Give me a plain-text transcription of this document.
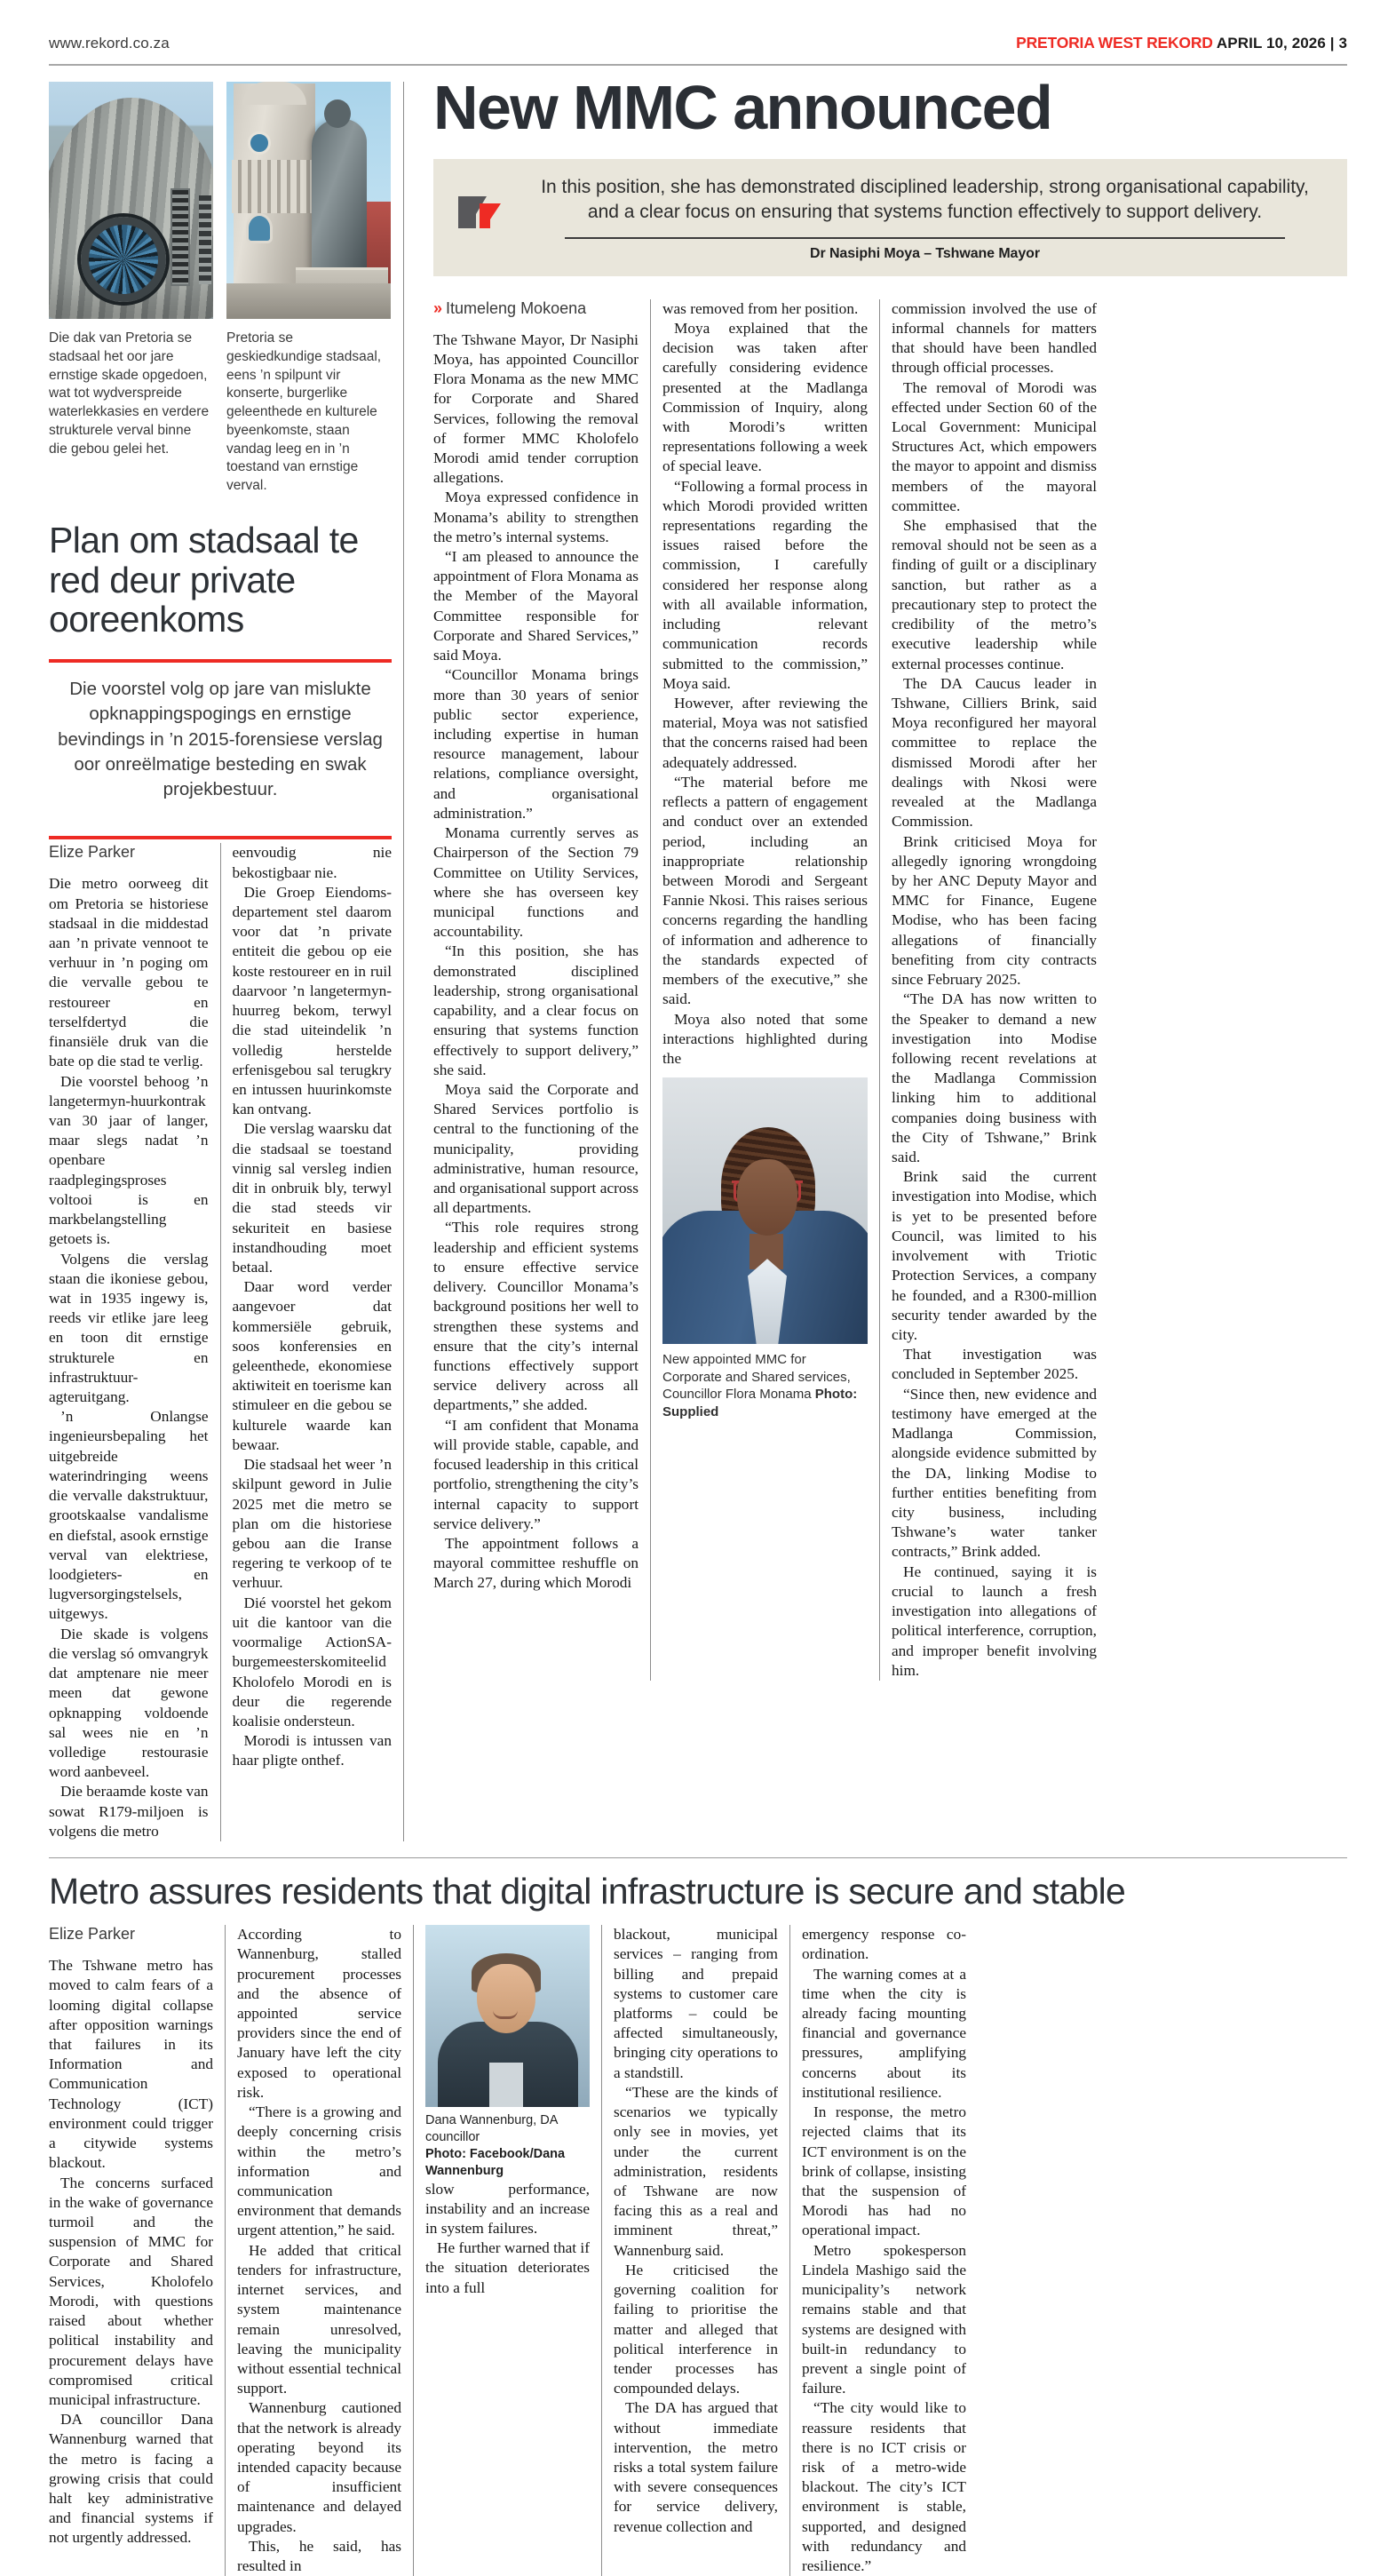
www.rekord.co.za	PRETORIA WEST REKORD APRIL 10, 2026 | 3
Die dak van Pretoria se stadsaal het oor jare ernstige skade opgedoen, wat tot wydverspreide waterlekkasies en verdere strukturele verval binne die gebou gelei het.
Pretoria se geskiedkundige stadsaal, eens ’n spilpunt vir konserte, burgerlike geleenthede en kulturele byeenkomste, staan vandag leeg en in ’n toestand van ernstige verval.
Plan om stadsaal te red deur private ooreenkoms
Die voorstel volg op jare van mislukte opknappingspogings en ernstige bevindings in ’n 2015-forensiese verslag oor onreëlmatige besteding en swak projekbestuur.
Elize Parker

Die metro oorweeg dit om Pretoria se historiese stadsaal in die middestad aan ’n private vennoot te verhuur in ’n poging om die vervalle gebou te restoureer en terselfdertyd die finansiële druk van die bate op die stad te verlig.

Die voorstel behoog ’n langetermyn-huurkontrak van 30 jaar of langer, maar slegs nadat ’n openbare raadplegingsproses voltooi is en markbelangstelling getoets is.

Volgens die verslag staan die ikoniese gebou, wat in 1935 ingewy is, reeds vir etlike jare leeg en toon dit ernstige strukturele en infrastruktuur-agteruitgang.

’n Onlangse ingenieursbepaling het uitgebreide waterindringing weens die vervalle dakstruktuur, grootskaalse vandalisme en diefstal, asook ernstige verval van elektriese, loodgieters- en lugversorgingstelsels, uitgewys.

Die skade is volgens die verslag só omvangryk dat amptenare nie meer meen dat gewone opknapping voldoende sal wees nie en ’n volledige restourasie word aanbeveel.

Die beraamde koste van sowat R179-miljoen is volgens die metro

eenvoudig nie bekostigbaar nie.

Die Groep Eiendoms-departement stel daarom voor dat ’n private entiteit die gebou op eie koste restoureer en in ruil daarvoor ’n langetermyn-huurreg bekom, terwyl die stad uiteindelik ’n volledig herstelde erfenisgebou sal terugkry en intussen huurinkomste kan ontvang.

Die verslag waarsku dat die stadsaal se toestand vinnig sal versleg indien dit in onbruik bly, terwyl die stad steeds vir sekuriteit en basiese instandhouding moet betaal.

Daar word verder aangevoer dat kommersiële gebruik, soos konferensies en geleenthede, ekonomiese aktiwiteit en toerisme kan stimuleer en die gebou se kulturele waarde kan bewaar.

Die stadsaal het weer ’n skilpunt geword in Julie 2025 met die metro se plan om die historiese gebou aan die Iranse regering te verkoop of te verhuur.

Dié voorstel het gekom uit die kantoor van die voormalige ActionSA-burgemeesterskomiteelid Kholofelo Morodi en is deur die regerende koalisie ondersteun.

Morodi is intussen van haar pligte onthef.

New MMC announced
In this position, she has demonstrated disciplined leadership, strong organisational capability, and a clear focus on ensuring that systems function effectively to support delivery.
Dr Nasiphi Moya – Tshwane Mayor
» Itumeleng Mokoena

The Tshwane Mayor, Dr Nasiphi Moya, has appointed Councillor Flora Monama as the new MMC for Corporate and Shared Services, following the removal of former MMC Kholofelo Morodi amid tender corruption allegations.

Moya expressed confidence in Monama’s ability to strengthen the metro’s internal systems.

“I am pleased to announce the appointment of Flora Monama as the Member of the Mayoral Committee responsible for Corporate and Shared Services,” said Moya.

“Councillor Monama brings more than 30 years of senior public sector experience, including expertise in human resource management, labour relations, compliance oversight, and organisational administration.”

Monama currently serves as Chairperson of the Section 79 Committee on Utility Services, where she has overseen key municipal functions and accountability.

“In this position, she has demonstrated disciplined leadership, strong organisational capability, and a clear focus on ensuring that systems function effectively to support delivery,” she said.

Moya said the Corporate and Shared Services portfolio is central to the functioning of the municipality, providing administrative, human resource, and organisational support across all departments.

“This role requires strong leadership and efficient systems to ensure effective service delivery. Councillor Monama’s background positions her well to strengthen these systems and ensure that the city’s internal functions effectively support service delivery across all departments,” she added.

“I am confident that Monama will provide stable, capable, and focused leadership in this critical portfolio, strengthening the city’s internal capacity to support service delivery.”

The appointment follows a mayoral committee reshuffle on March 27, during which Morodi

was removed from her position.

Moya explained that the decision was taken after carefully considering evidence presented at the Madlanga Commission of Inquiry, along with Morodi’s written representations following a week of special leave.

“Following a formal process in which Morodi provided written representations regarding the issues raised before the commission, I carefully considered her response along with all available information, including relevant communication records submitted to the commission,” Moya said.

However, after reviewing the material, Moya was not satisfied that the concerns raised had been adequately addressed.

“The material before me reflects a pattern of engagement and conduct over an extended period, including an inappropriate relationship between Morodi and Sergeant Fannie Nkosi. This raises serious concerns regarding the handling of information and adherence to the standards expected of members of the executive,” she said.

Moya also noted that some interactions highlighted during the

New appointed MMC for Corporate and Shared services, Councillor Flora Monama Photo: Supplied

commission involved the use of informal channels for matters that should have been handled through official processes.

The removal of Morodi was effected under Section 60 of the Local Government: Municipal Structures Act, which empowers the mayor to appoint and dismiss members of the mayoral committee.

She emphasised that the removal should not be seen as a finding of guilt or a disciplinary sanction, but rather as a precautionary step to protect the credibility of the metro’s executive leadership while external processes continue.

The DA Caucus leader in Tshwane, Cilliers Brink, said Moya reconfigured her mayoral committee to replace the dismissed Morodi after her dealings with Nkosi were revealed at the Madlanga Commission.

Brink criticised Moya for allegedly ignoring wrongdoing by her ANC Deputy Mayor and MMC for Finance, Eugene Modise, who has been facing allegations of financially benefiting from city contracts since February 2025.

“The DA has now written to the Speaker to demand a new investigation into Modise following recent revelations at the Madlanga Commission linking him to additional companies doing business with the City of Tshwane,” Brink said.

Brink said the current investigation into Modise, which is yet to be presented before Council, was limited to his involvement with Triotic Protection Services, a company he founded, and a R300-million security tender awarded by the city.

That investigation was concluded in September 2025.

“Since then, new evidence and testimony have emerged at the Madlanga Commission, alongside evidence submitted by the DA, linking Modise to further entities benefiting from city business, including Tshwane’s water tanker contracts,” Brink added.

He continued, saying it is crucial to launch a fresh investigation into allegations of political interference, corruption, and improper benefit involving him.

Metro assures residents that digital infrastructure is secure and stable
Elize Parker

The Tshwane metro has moved to calm fears of a looming digital collapse after opposition warnings that failures in its Information and Communication Technology (ICT) environment could trigger a citywide systems blackout.

The concerns surfaced in the wake of governance turmoil and the suspension of MMC for Corporate and Shared Services, Kholofelo Morodi, with questions raised about whether political instability and procurement delays have compromised critical municipal infrastructure.

DA councillor Dana Wannenburg warned that the metro is facing a growing crisis that could halt key administrative and financial systems if not urgently addressed.

According to Wannenburg, stalled procurement processes and the absence of appointed service providers since the end of January have left the city exposed to operational risk.

“There is a growing and deeply concerning crisis within the metro’s information and communication environment that demands urgent attention,” he said.

He added that critical tenders for infrastructure, internet services, and system maintenance remain unresolved, leaving the municipality without essential technical support.

Wannenburg cautioned that the network is already operating beyond its intended capacity because of insufficient maintenance and delayed upgrades.

This, he said, has resulted in

Dana Wannenburg, DA councillor
Photo: Facebook/Dana Wannenburg

slow performance, instability and an increase in system failures.

He further warned that if the situation deteriorates into a full

blackout, municipal services – ranging from billing and prepaid systems to customer care platforms – could be affected simultaneously, bringing city operations to a standstill.

“These are the kinds of scenarios we typically only see in movies, yet under the current administration, residents of Tshwane are now facing this as a real and imminent threat,” Wannenburg said.

He criticised the governing coalition for failing to prioritise the matter and alleged that political interference in tender processes has compounded delays.

The DA has argued that without immediate intervention, the metro risks a total system failure with severe consequences for service delivery, revenue collection and

emergency response co-ordination.

The warning comes at a time when the city is already facing mounting financial and governance pressures, amplifying concerns about its institutional resilience.

In response, the metro rejected claims that its ICT environment is on the brink of collapse, insisting that the suspension of Morodi has had no operational impact.

Metro spokesperson Lindela Mashigo said the municipality’s network remains stable and that systems are designed with built-in redundancy to prevent a single point of failure.

“The city would like to reassure residents that there is no ICT crisis or risk of a metro-wide blackout. The city’s ICT environment is stable, supported, and designed with redundancy and resilience.”
